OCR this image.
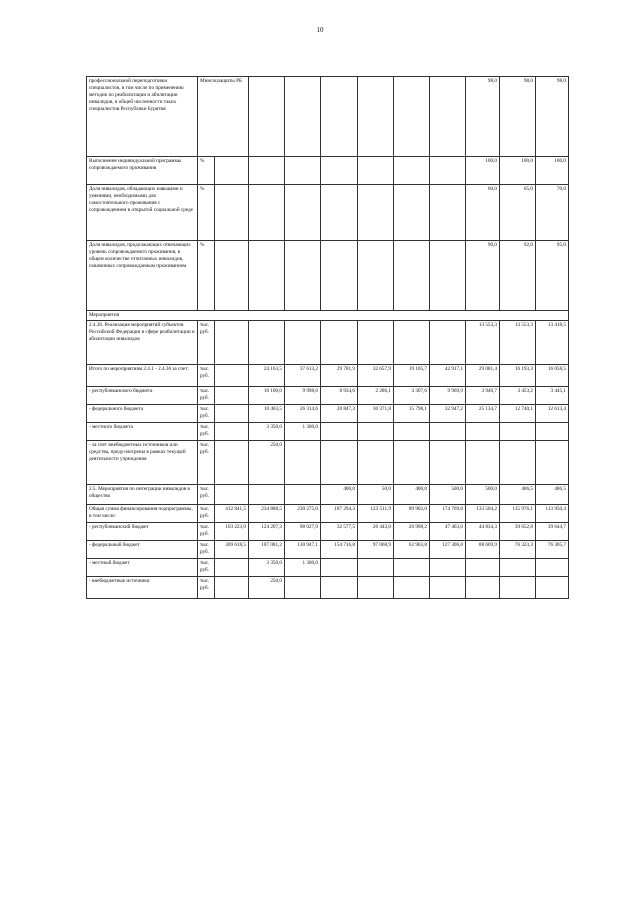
10
профессиональной переподготовки специалистов, в том числе по применению методик по реабилитации и абилитации инвалидов, в общей численности таких специалистов Республики Бурятия	Минсоцзащиты РБ								98,0	98,0	98,0
Выполнение индивидуальной программы сопровождаемого проживания	%								100,0	100,0	100,0
Доля инвалидов, обладающих навыками и умениями, необходимыми для самостоятельного проживания с сопровождением в открытой социальной среде	%								60,0	65,0	70,0
Доля инвалидов, продолжающих отвечающих уровень сопровождаемого проживания, в общем количестве отчитанных инвалидов, охваченных сопровождаемым проживанием	%								90,0	92,0	95,0
Мероприятия											
2.4.36. Реализация мероприятий субъектов Российской Федерации в сфере реабилитации и абилитации инвалидов	тыс. руб.								13 553,3	13 553,3	13 418,5
Итого по мероприятиям 2.4.1 - 2.4.36 за счет:	тыс. руб.		24 163,5	37 613,2	29 781,9	32 657,9	19 105,7	42 917,1	29 081,4	16 193,3	16 058,5
- республиканского бюджета	тыс. руб.		10 100,0	9 998,6	8 934,6	2 286,1	3 307,6	9 969,9	3 946,7	3 453,2	3 445,1
- федерального бюджета	тыс. руб.		10 463,5	26 314,6	20 847,3	30 371,8	15 798,1	32 947,2	25 134,7	12 740,1	12 613,4
- местного бюджета	тыс. руб.		3 350,0	1 300,0							
- за счет внебюджетных источников или средства, предусмотрены в рамках текущей деятельности учреждения	тыс. руб.		250,0								
2.5. Мероприятия по интеграции инвалидов в общество	тыс. руб.				400,0	50,0	400,0	500,0	500,0	406,5	406,5
Общая сумма финансирования подпрограммы, в том числе:	тыс. руб.	412 841,5	234 888,5	230 275,0	187 294,3	123 511,9	89 902,0	174 769,8	133 504,2	115 976,1	113 950,4
- республиканский бюджет	тыс. руб.	103 223,0	124 207,3	98 027,9	32 577,5	26 443,0	26 998,2	47 463,0	44 834,3	39 652,8	39 644,7
- федеральный бюджет	тыс. руб.	309 618,5	107 081,2	130 947,1	154 716,8	97 068,9	62 903,8	127 306,8	88 669,9	76 323,3	76 305,7
- местный бюджет	тыс. руб.		3 350,0	1 300,0							
- внебюджетные источники	тыс. руб.		250,0								
